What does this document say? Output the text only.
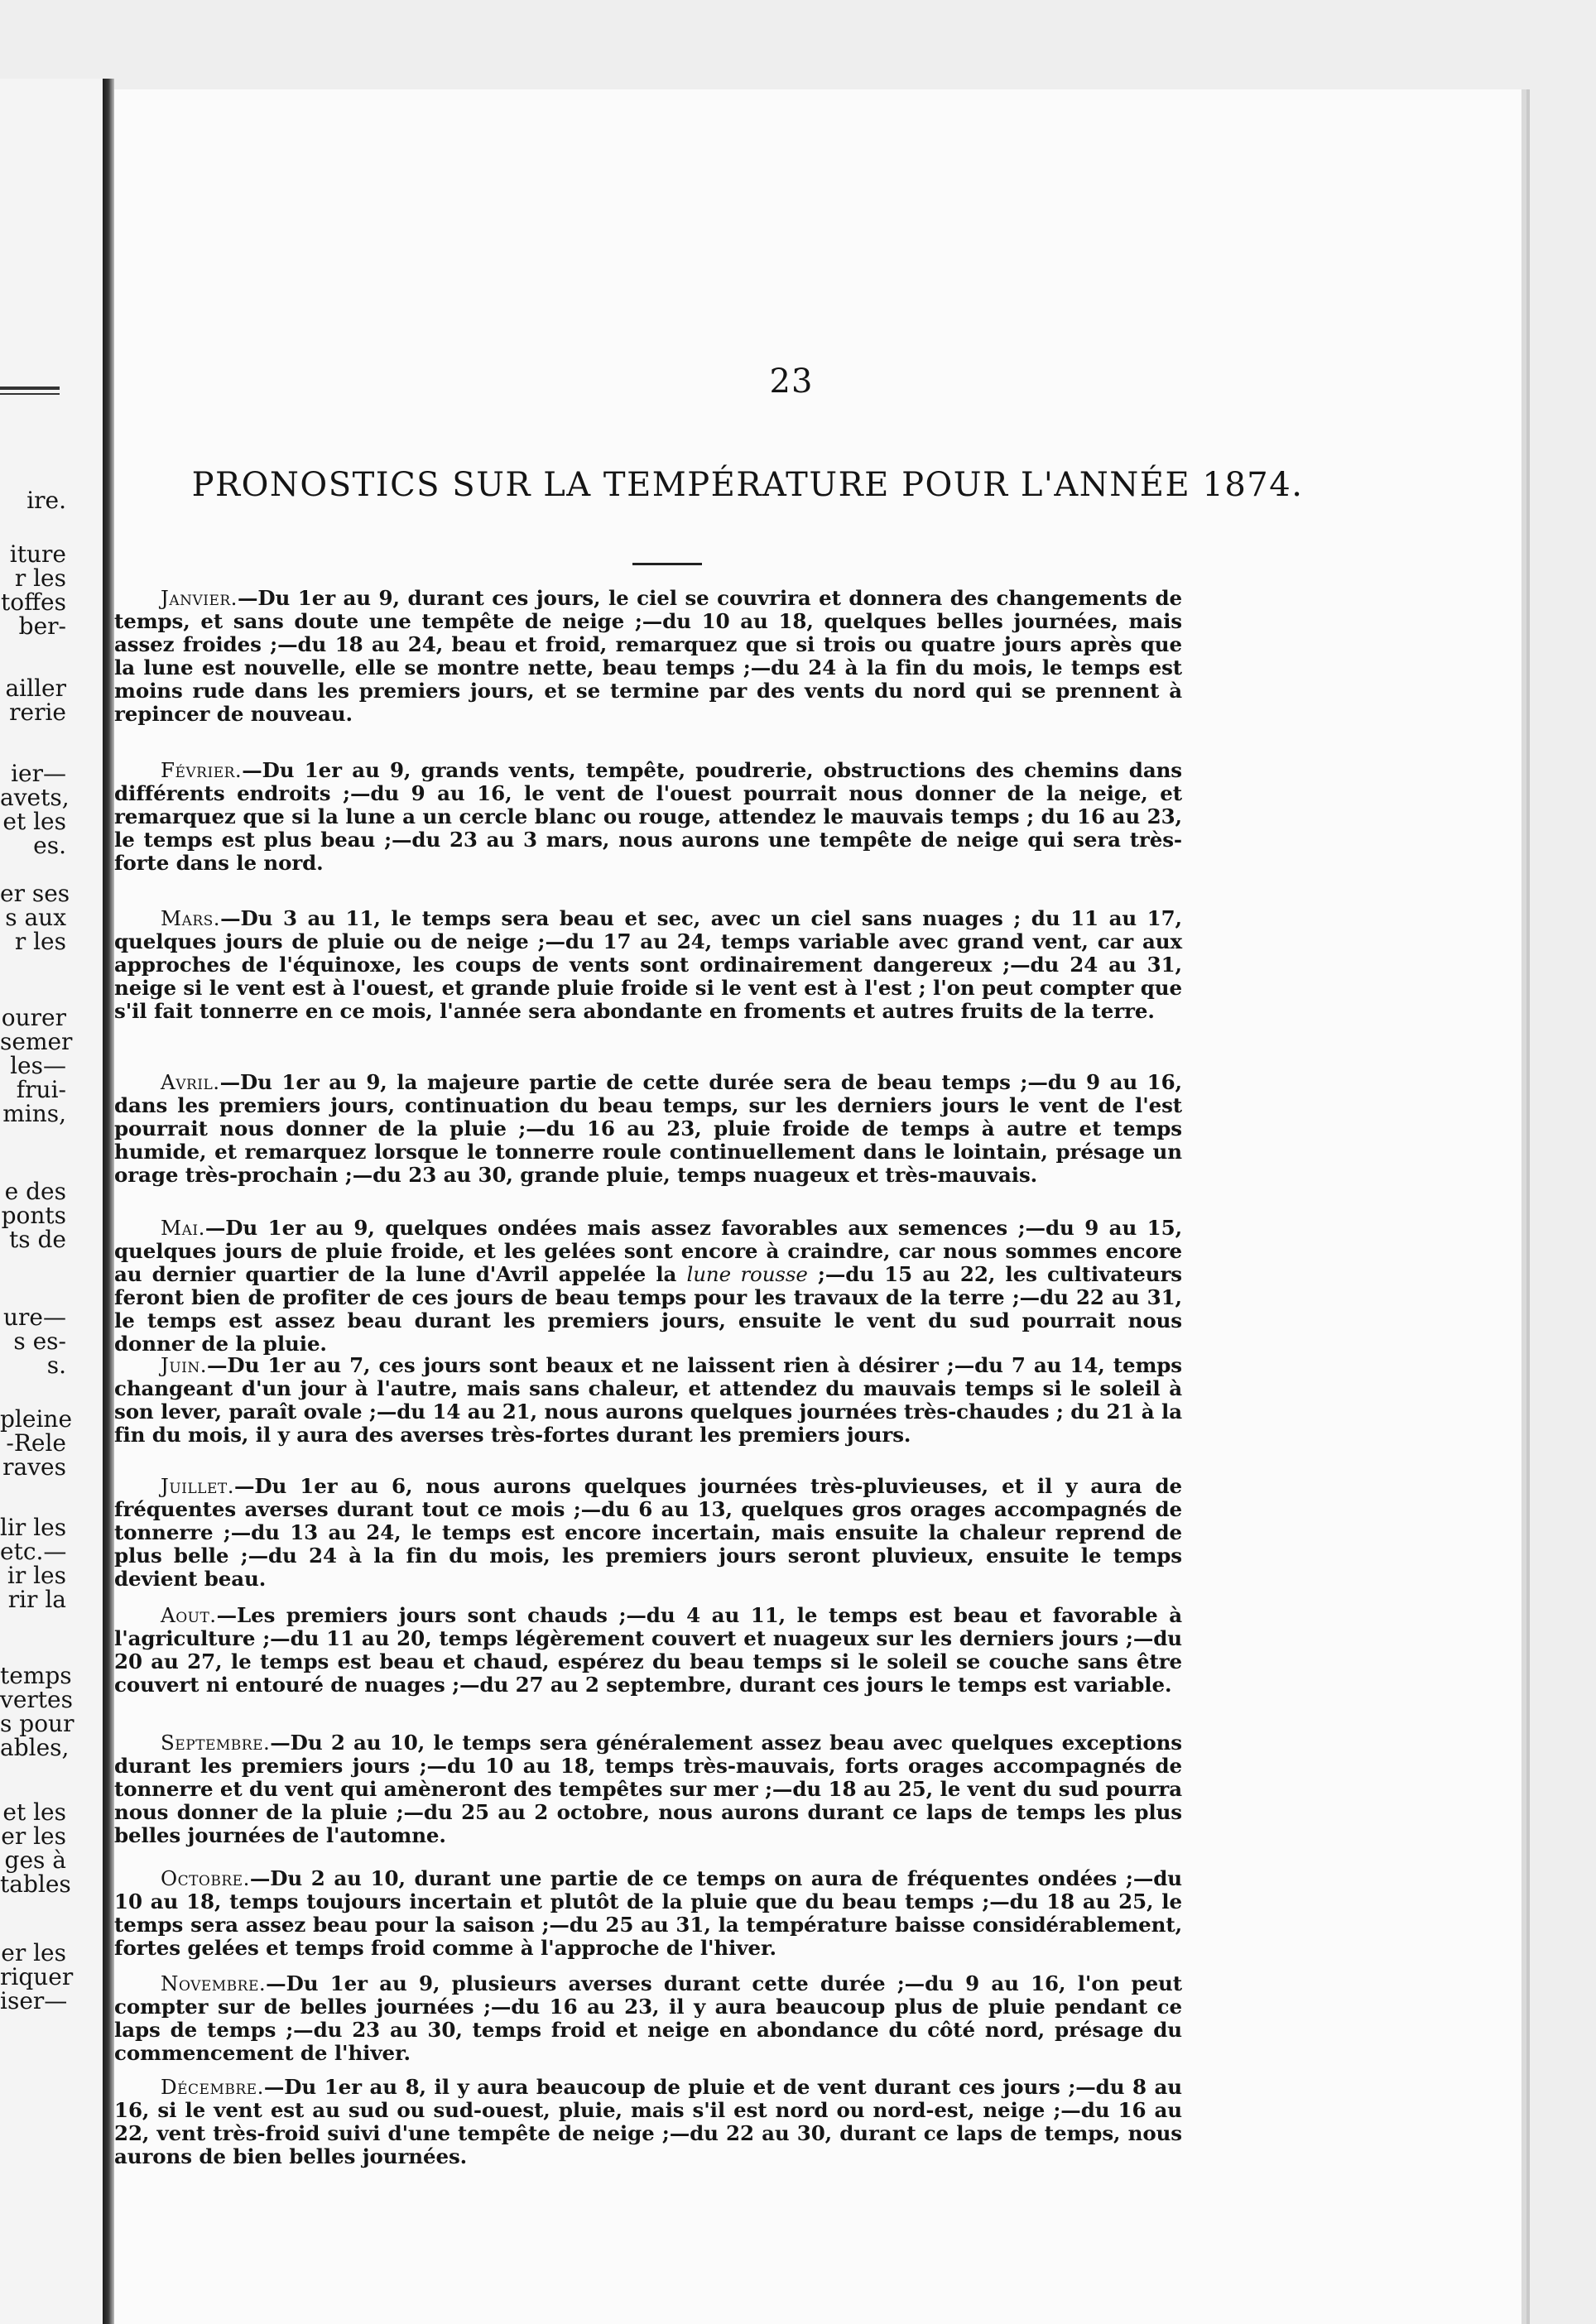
ire.
iture
r les
toffes
ber-
ailler
rerie
ier—
avets,
et les
es.
er ses
s aux
r les
ourer
semer
les—
frui-
mins,
e des
ponts
ts de
ure—
s es-
s.
pleine
-Rele
raves
lir les
etc.—
ir les
rir la
temps
vertes
s pour
ables,
et les
er les
ges à
tables
er les
riquer
iser—
23
PRONOSTICS SUR LA TEMPÉRATURE POUR L'ANNÉE 1874.

Janvier.—Du 1er au 9, durant ces jours, le ciel se couvrira et donnera des changements de temps, et sans doute une tempête de neige ;—du 10 au 18, quelques belles journées, mais assez froides ;—du 18 au 24, beau et froid, remarquez que si trois ou quatre jours après que la lune est nouvelle, elle se montre nette, beau temps ;—du 24 à la fin du mois, le temps est moins rude dans les premiers jours, et se termine par des vents du nord qui se prennent à repincer de nouveau.

Février.—Du 1er au 9, grands vents, tempête, poudrerie, obstructions des chemins dans différents endroits ;—du 9 au 16, le vent de l'ouest pourrait nous donner de la neige, et remarquez que si la lune a un cercle blanc ou rouge, attendez le mauvais temps ; du 16 au 23, le temps est plus beau ;—du 23 au 3 mars, nous aurons une tempête de neige qui sera très-forte dans le nord.

Mars.—Du 3 au 11, le temps sera beau et sec, avec un ciel sans nuages ; du 11 au 17, quelques jours de pluie ou de neige ;—du 17 au 24, temps variable avec grand vent, car aux approches de l'équinoxe, les coups de vents sont ordinairement dangereux ;—du 24 au 31, neige si le vent est à l'ouest, et grande pluie froide si le vent est à l'est ; l'on peut compter que s'il fait tonnerre en ce mois, l'année sera abondante en froments et autres fruits de la terre.

Avril.—Du 1er au 9, la majeure partie de cette durée sera de beau temps ;—du 9 au 16, dans les premiers jours, continuation du beau temps, sur les derniers jours le vent de l'est pourrait nous donner de la pluie ;—du 16 au 23, pluie froide de temps à autre et temps humide, et remarquez lorsque le tonnerre roule continuellement dans le lointain, présage un orage très-prochain ;—du 23 au 30, grande pluie, temps nuageux et très-mauvais.

Mai.—Du 1er au 9, quelques ondées mais assez favorables aux semences ;—du 9 au 15, quelques jours de pluie froide, et les gelées sont encore à craindre, car nous sommes encore au dernier quartier de la lune d'Avril appelée la lune rousse ;—du 15 au 22, les cultivateurs feront bien de profiter de ces jours de beau temps pour les travaux de la terre ;—du 22 au 31, le temps est assez beau durant les premiers jours, ensuite le vent du sud pourrait nous donner de la pluie.

Juin.—Du 1er au 7, ces jours sont beaux et ne laissent rien à désirer ;—du 7 au 14, temps changeant d'un jour à l'autre, mais sans chaleur, et attendez du mauvais temps si le soleil à son lever, paraît ovale ;—du 14 au 21, nous aurons quelques journées très-chaudes ; du 21 à la fin du mois, il y aura des averses très-fortes durant les premiers jours.

Juillet.—Du 1er au 6, nous aurons quelques journées très-pluvieuses, et il y aura de fréquentes averses durant tout ce mois ;—du 6 au 13, quelques gros orages accompagnés de tonnerre ;—du 13 au 24, le temps est encore incertain, mais ensuite la chaleur reprend de plus belle ;—du 24 à la fin du mois, les premiers jours seront pluvieux, ensuite le temps devient beau.

Aout.—Les premiers jours sont chauds ;—du 4 au 11, le temps est beau et favorable à l'agriculture ;—du 11 au 20, temps légèrement couvert et nuageux sur les derniers jours ;—du 20 au 27, le temps est beau et chaud, espérez du beau temps si le soleil se couche sans être couvert ni entouré de nuages ;—du 27 au 2 septembre, durant ces jours le temps est variable.

Septembre.—Du 2 au 10, le temps sera généralement assez beau avec quelques exceptions durant les premiers jours ;—du 10 au 18, temps très-mauvais, forts orages accompagnés de tonnerre et du vent qui amèneront des tempêtes sur mer ;—du 18 au 25, le vent du sud pourra nous donner de la pluie ;—du 25 au 2 octobre, nous aurons durant ce laps de temps les plus belles journées de l'automne.

Octobre.—Du 2 au 10, durant une partie de ce temps on aura de fréquentes ondées ;—du 10 au 18, temps toujours incertain et plutôt de la pluie que du beau temps ;—du 18 au 25, le temps sera assez beau pour la saison ;—du 25 au 31, la température baisse considérablement, fortes gelées et temps froid comme à l'approche de l'hiver.

Novembre.—Du 1er au 9, plusieurs averses durant cette durée ;—du 9 au 16, l'on peut compter sur de belles journées ;—du 16 au 23, il y aura beaucoup plus de pluie pendant ce laps de temps ;—du 23 au 30, temps froid et neige en abondance du côté nord, présage du commencement de l'hiver.

Décembre.—Du 1er au 8, il y aura beaucoup de pluie et de vent durant ces jours ;—du 8 au 16, si le vent est au sud ou sud-ouest, pluie, mais s'il est nord ou nord-est, neige ;—du 16 au 22, vent très-froid suivi d'une tempête de neige ;—du 22 au 30, durant ce laps de temps, nous aurons de bien belles journées.
